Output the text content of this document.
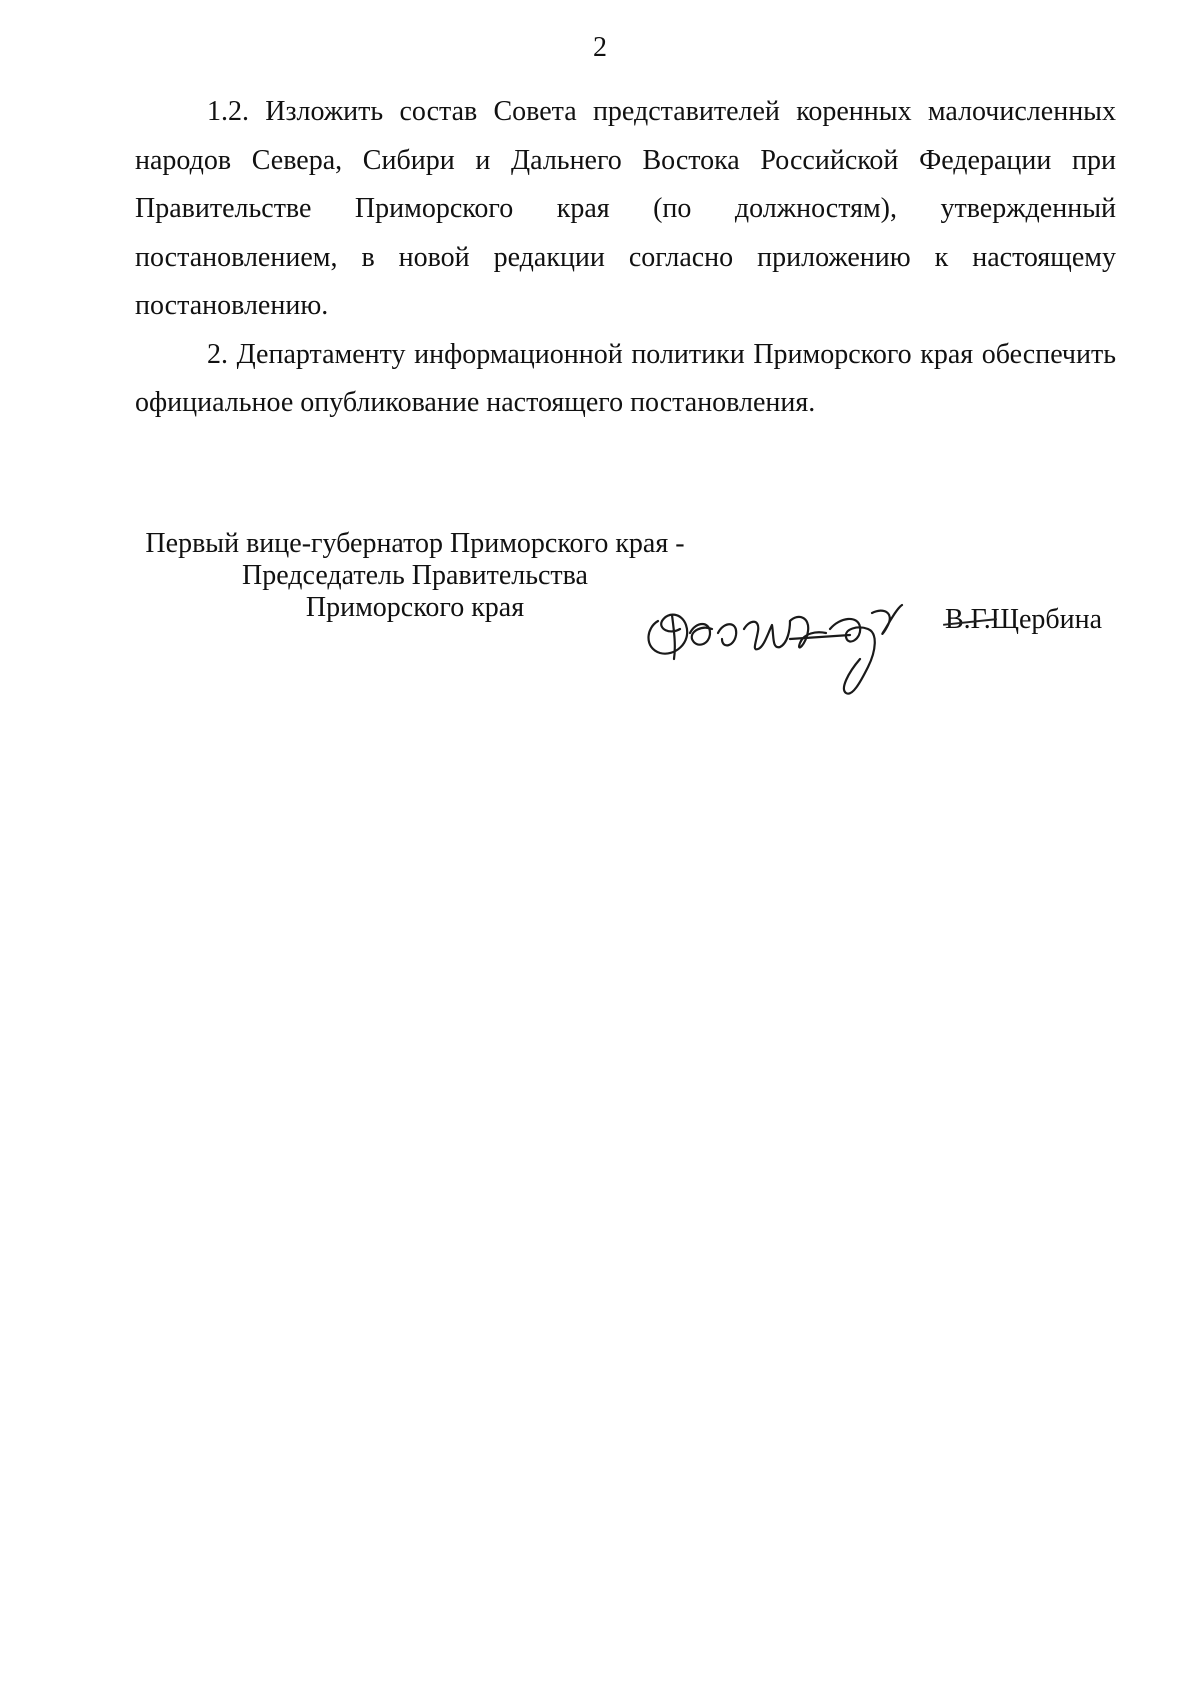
2

1.2. Изложить состав Совета представителей коренных малочисленных народов Севера, Сибири и Дальнего Востока Российской Федерации при Правительстве Приморского края (по должностям), утвержденный постановлением, в новой редакции согласно приложению к настоящему постановлению.

2. Департаменту информационной политики Приморского края обеспечить официальное опубликование настоящего постановления.

Первый вице-губернатор Приморского края -
Председатель Правительства
Приморского края	В.Г.Щербина
